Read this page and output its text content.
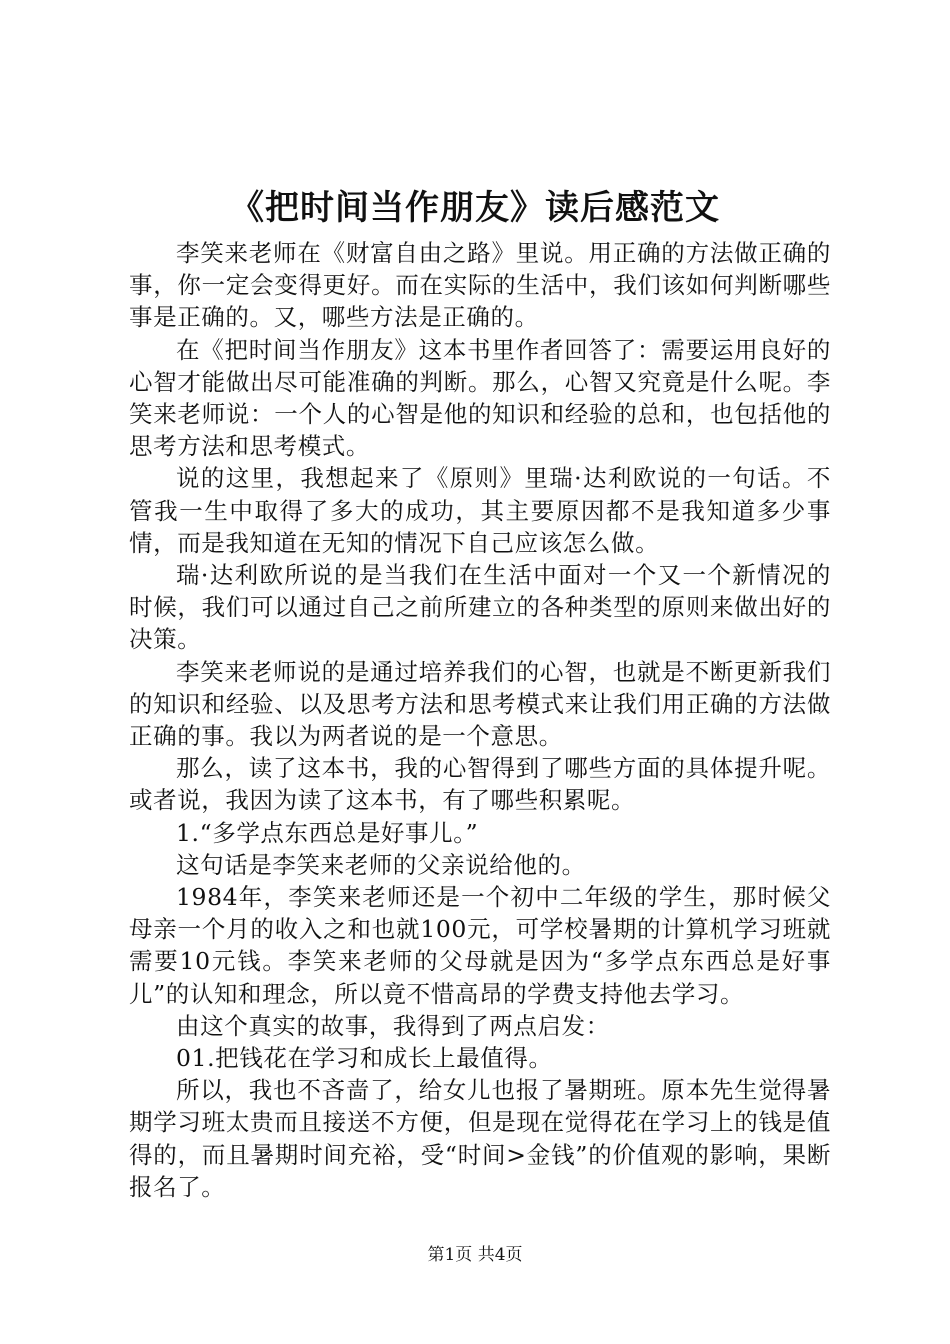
《把时间当作朋友》读后感范文

李笑来老师在《财富自由之路》里说。用正确的方法做正确的事，你一定会变得更好。而在实际的生活中，我们该如何判断哪些事是正确的。又，哪些方法是正确的。

在《把时间当作朋友》这本书里作者回答了：需要运用良好的心智才能做出尽可能准确的判断。那么，心智又究竟是什么呢。李笑来老师说：一个人的心智是他的知识和经验的总和，也包括他的思考方法和思考模式。

说的这里，我想起来了《原则》里瑞·达利欧说的一句话。不管我一生中取得了多大的成功，其主要原因都不是我知道多少事情，而是我知道在无知的情况下自己应该怎么做。

瑞·达利欧所说的是当我们在生活中面对一个又一个新情况的时候，我们可以通过自己之前所建立的各种类型的原则来做出好的决策。

李笑来老师说的是通过培养我们的心智，也就是不断更新我们的知识和经验、以及思考方法和思考模式来让我们用正确的方法做正确的事。我以为两者说的是一个意思。

那么，读了这本书，我的心智得到了哪些方面的具体提升呢。或者说，我因为读了这本书，有了哪些积累呢。

1.“多学点东西总是好事儿。”

这句话是李笑来老师的父亲说给他的。

1984年，李笑来老师还是一个初中二年级的学生，那时候父母亲一个月的收入之和也就100元，可学校暑期的计算机学习班就需要10元钱。李笑来老师的父母就是因为“多学点东西总是好事儿”的认知和理念，所以竟不惜高昂的学费支持他去学习。

由这个真实的故事，我得到了两点启发：

01.把钱花在学习和成长上最值得。

所以，我也不吝啬了，给女儿也报了暑期班。原本先生觉得暑期学习班太贵而且接送不方便，但是现在觉得花在学习上的钱是值得的，而且暑期时间充裕，受“时间>金钱”的价值观的影响，果断报名了。

第1页 共4页
